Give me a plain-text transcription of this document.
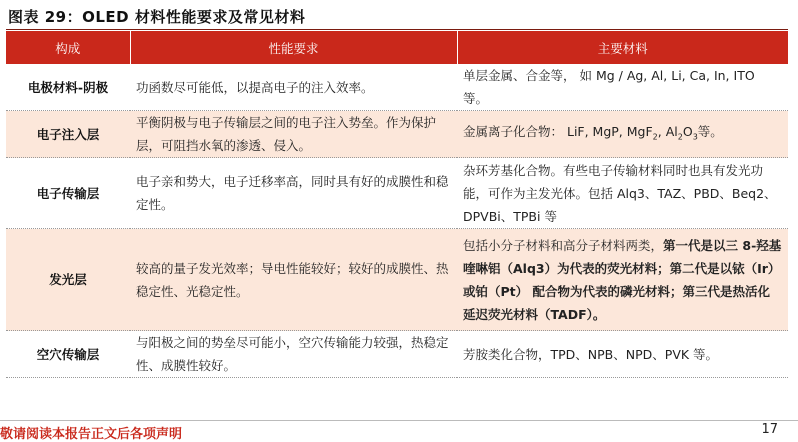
图表 29：OLED 材料性能要求及常见材料
构成	性能要求	主要材料
电极材料-阴极	功函数尽可能低，以提高电子的注入效率。	单层金属、合金等， 如 Mg / Ag, Al, Li, Ca, In, ITO 等。
电子注入层	平衡阴极与电子传输层之间的电子注入势垒。作为保护层，可阻挡水氧的渗透、侵入。	金属离子化合物： LiF, MgP, MgF$_2$, $Al_2O_3$等。
电子传输层	电子亲和势大，电子迁移率高，同时具有好的成膜性和稳定性。	杂环芳基化合物。有些电子传输材料同时也具有发光功能，可作为主发光体。包括 Alq3、TAZ、PBD、Beq2、DPVBi、TPBi 等
发光层	较高的量子发光效率；导电性能较好；较好的成膜性、热稳定性、光稳定性。	包括小分子材料和高分子材料两类，第一代是以三 8-羟基喹啉铝（Alq3）为代表的荧光材料；第二代是以铱（Ir）或铂（Pt） 配合物为代表的磷光材料；第三代是热活化延迟荧光材料（TADF）。
空穴传输层	与阳极之间的势垒尽可能小，空穴传输能力较强，热稳定性、成膜性较好。	芳胺类化合物，TPD、NPB、NPD、PVK 等。
敬请阅读本报告正文后各项声明	17
